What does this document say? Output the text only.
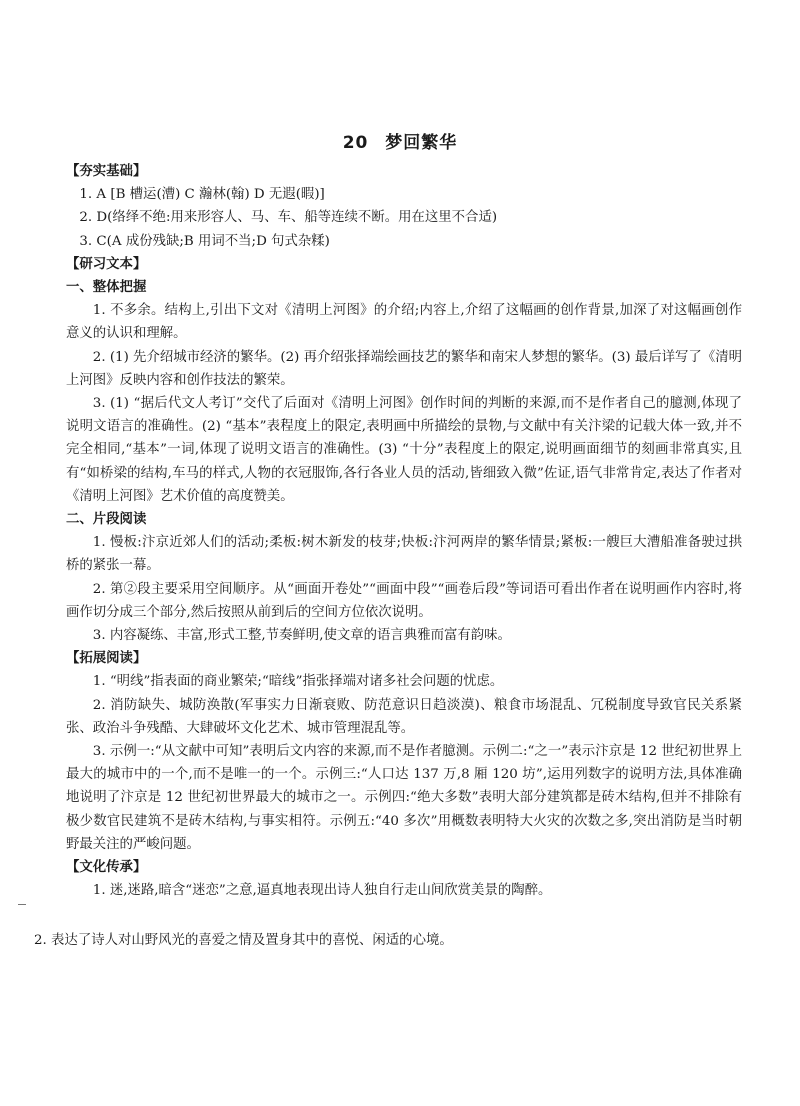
20 梦回繁华

【夯实基础】

1. A [B 槽运(漕) C 瀚林(翰) D 无遐(暇)]

2. D(络绎不绝:用来形容人、马、车、船等连续不断。用在这里不合适)

3. C(A 成份残缺;B 用词不当;D 句式杂糅)

【研习文本】

一、整体把握

1. 不多余。结构上,引出下文对《清明上河图》的介绍;内容上,介绍了这幅画的创作背景,加深了对这幅画创作意义的认识和理解。

2. (1) 先介绍城市经济的繁华。(2) 再介绍张择端绘画技艺的繁华和南宋人梦想的繁华。(3) 最后详写了《清明上河图》反映内容和创作技法的繁荣。

3. (1) “据后代文人考订”交代了后面对《清明上河图》创作时间的判断的来源,而不是作者自己的臆测,体现了说明文语言的准确性。(2) “基本”表程度上的限定,表明画中所描绘的景物,与文献中有关汴梁的记载大体一致,并不完全相同,“基本”一词,体现了说明文语言的准确性。(3) “十分”表程度上的限定,说明画面细节的刻画非常真实,且有“如桥梁的结构,车马的样式,人物的衣冠服饰,各行各业人员的活动,皆细致入微”佐证,语气非常肯定,表达了作者对《清明上河图》艺术价值的高度赞美。

二、片段阅读

1. 慢板:汴京近郊人们的活动;柔板:树木新发的枝芽;快板:汴河两岸的繁华情景;紧板:一艘巨大漕船准备驶过拱桥的紧张一幕。

2. 第②段主要采用空间顺序。从“画面开卷处”“画面中段”“画卷后段”等词语可看出作者在说明画作内容时,将画作切分成三个部分,然后按照从前到后的空间方位依次说明。

3. 内容凝练、丰富,形式工整,节奏鲜明,使文章的语言典雅而富有韵味。

【拓展阅读】

1. “明线”指表面的商业繁荣;“暗线”指张择端对诸多社会问题的忧虑。

2. 消防缺失、城防涣散(军事实力日渐衰败、防范意识日趋淡漠)、粮食市场混乱、冗税制度导致官民关系紧张、政治斗争残酷、大肆破坏文化艺术、城市管理混乱等。

3. 示例一:“从文献中可知”表明后文内容的来源,而不是作者臆测。示例二:“之一”表示汴京是 12 世纪初世界上最大的城市中的一个,而不是唯一的一个。示例三:“人口达 137 万,8 厢 120 坊”,运用列数字的说明方法,具体准确地说明了汴京是 12 世纪初世界最大的城市之一。示例四:“绝大多数”表明大部分建筑都是砖木结构,但并不排除有极少数官民建筑不是砖木结构,与事实相符。示例五:“40 多次”用概数表明特大火灾的次数之多,突出消防是当时朝野最关注的严峻问题。

【文化传承】

1. 迷,迷路,暗含“迷恋”之意,逼真地表现出诗人独自行走山间欣赏美景的陶醉。

2. 表达了诗人对山野风光的喜爱之情及置身其中的喜悦、闲适的心境。
